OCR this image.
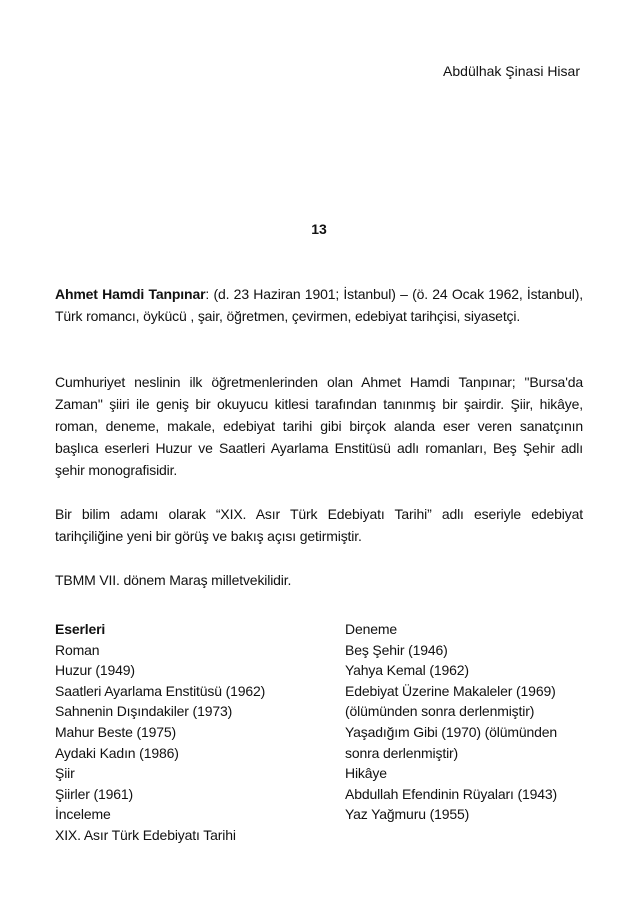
Abdülhak Şinasi Hisar
13

Ahmet Hamdi Tanpınar: (d. 23 Haziran 1901; İstanbul) – (ö. 24 Ocak 1962, İstanbul), Türk romancı, öykücü , şair, öğretmen, çevirmen, edebiyat tarihçisi, siyasetçi.

Cumhuriyet neslinin ilk öğretmenlerinden olan Ahmet Hamdi Tanpınar; "Bursa'da Zaman" şiiri ile geniş bir okuyucu kitlesi tarafından tanınmış bir şairdir. Şiir, hikâye, roman, deneme, makale, edebiyat tarihi gibi birçok alanda eser veren sanatçının başlıca eserleri Huzur ve Saatleri Ayarlama Enstitüsü adlı romanları, Beş Şehir adlı şehir monografisidir.

Bir bilim adamı olarak “XIX. Asır Türk Edebiyatı Tarihi” adlı eseriyle edebiyat tarihçiliğine yeni bir görüş ve bakış açısı getirmiştir.

TBMM VII. dönem Maraş milletvekilidir.

Eserleri
Roman
Huzur (1949)
Saatleri Ayarlama Enstitüsü (1962)
Sahnenin Dışındakiler (1973)
Mahur Beste (1975)
Aydaki Kadın (1986)
Şiir
Şiirler (1961)
İnceleme
XIX. Asır Türk Edebiyatı Tarihi
Deneme
Beş Şehir (1946)
Yahya Kemal (1962)
Edebiyat Üzerine Makaleler (1969)
(ölümünden sonra derlenmiştir)
Yaşadığım Gibi (1970) (ölümünden
sonra derlenmiştir)
Hikâye
Abdullah Efendinin Rüyaları (1943)
Yaz Yağmuru (1955)
